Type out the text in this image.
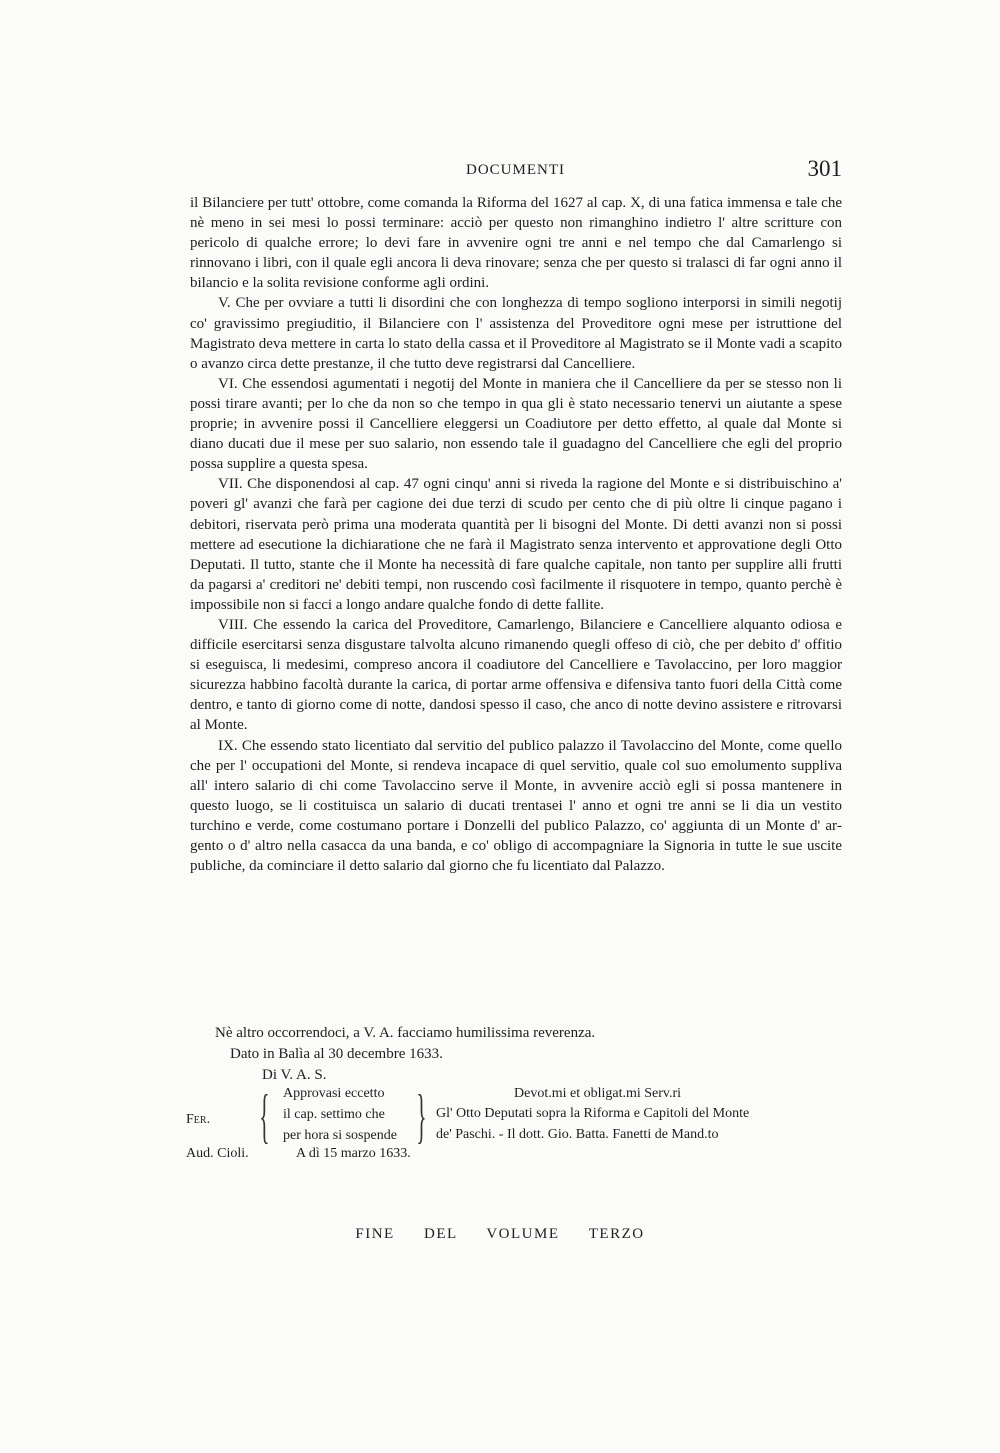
DOCUMENTI	301

il Bilanciere per tutt' ottobre, come comanda la Riforma del 1627 al cap. X, di una fatica immensa e tale che nè meno in sei mesi lo possi terminare: acciò per questo non rimanghino indietro l' altre scritture con pericolo di qualche errore; lo devi fare in avvenire ogni tre anni e nel tempo che dal Camarlengo si rinnovano i libri, con il quale egli ancora li deva rinovare; senza che per questo si tralasci di far ogni anno il bilancio e la solita revisione conforme agli ordini.

V. Che per ovviare a tutti li disordini che con longhezza di tempo sogliono interporsi in simili negotij co' gravissimo pregiuditio, il Bilanciere con l' assistenza del Proveditore ogni mese per istruttione del Magistrato deva mettere in carta lo stato della cassa et il Proveditore al Magistrato se il Monte vadi a scapito o avanzo circa dette prestanze, il che tutto deve registrarsi dal Cancelliere.

VI. Che essendosi agumentati i negotij del Monte in maniera che il Cancelliere da per se stesso non li possi tirare avanti; per lo che da non so che tempo in qua gli è stato necessario tenervi un aiutante a spese proprie; in avvenire possi il Cancelliere eleggersi un Coadiutore per detto effetto, al quale dal Monte si diano ducati due il mese per suo salario, non essendo tale il guadagno del Cancelliere che egli del proprio possa supplire a questa spesa.

VII. Che disponendosi al cap. 47 ogni cinqu' anni si riveda la ragione del Monte e si distribuischino a' poveri gl' avanzi che farà per cagione dei due terzi di scudo per cento che di più oltre li cinque pagano i debitori, riservata però prima una moderata quantità per li bisogni del Monte. Di detti avanzi non si possi mettere ad esecutione la dichiaratione che ne farà il Magistrato senza intervento et approvatione degli Otto Deputati. Il tutto, stante che il Monte ha necessità di fare qualche capitale, non tanto per supplire alli frutti da pagarsi a' creditori ne' debiti tempi, non ruscendo così facilmente il risquotere in tempo, quanto perchè è impossibile non si facci a longo andare qualche fondo di dette fallite.

VIII. Che essendo la carica del Proveditore, Camarlengo, Bilanciere e Cancelliere alquanto odiosa e difficile esercitarsi senza disgustare talvolta alcuno rimanendo quegli offeso di ciò, che per debito d' offitio si eseguisca, li medesimi, compreso ancora il coadiutore del Cancelliere e Tavolaccino, per loro maggior sicurezza habbino facoltà durante la carica, di portar arme offensiva e difensiva tanto fuori della Città come dentro, e tanto di giorno come di notte, dandosi spesso il caso, che anco di notte devino assistere e ritrovarsi al Monte.

IX. Che essendo stato licentiato dal servitio del publico palazzo il Tavolaccino del Monte, come quello che per l' occupationi del Monte, si rendeva incapace di quel servitio, quale col suo emolumento suppliva all' intero salario di chi come Tavolaccino serve il Monte, in avvenire acciò egli si possa mantenere in questo luogo, se li costituisca un salario di ducati trentasei l' anno et ogni tre anni se li dia un vestito turchino e verde, come costumano portare i Donzelli del publico Palazzo, co' aggiunta di un Monte d' argento o d' altro nella casacca da una banda, e co' obligo di accompagniare la Signoria in tutte le sue uscite publiche, da cominciare il detto salario dal giorno che fu licentiato dal Palazzo.

Nè altro occorrendoci, a V. A. facciamo humilissima reverenza.
Dato in Balìa al 30 decembre 1633.
Di V. A. S.
Fer. { Approvasi eccetto
il cap. settimo che
per hora si sospende }
Aud. Cioli.	A dì 15 marzo 1633.
Devot.mi et obligat.mi Serv.ri
Gl' Otto Deputati sopra la Riforma e Capitoli del Monte
de' Paschi. - Il dott. Gio. Batta. Fanetti de Mand.to
FINE DEL VOLUME TERZO
